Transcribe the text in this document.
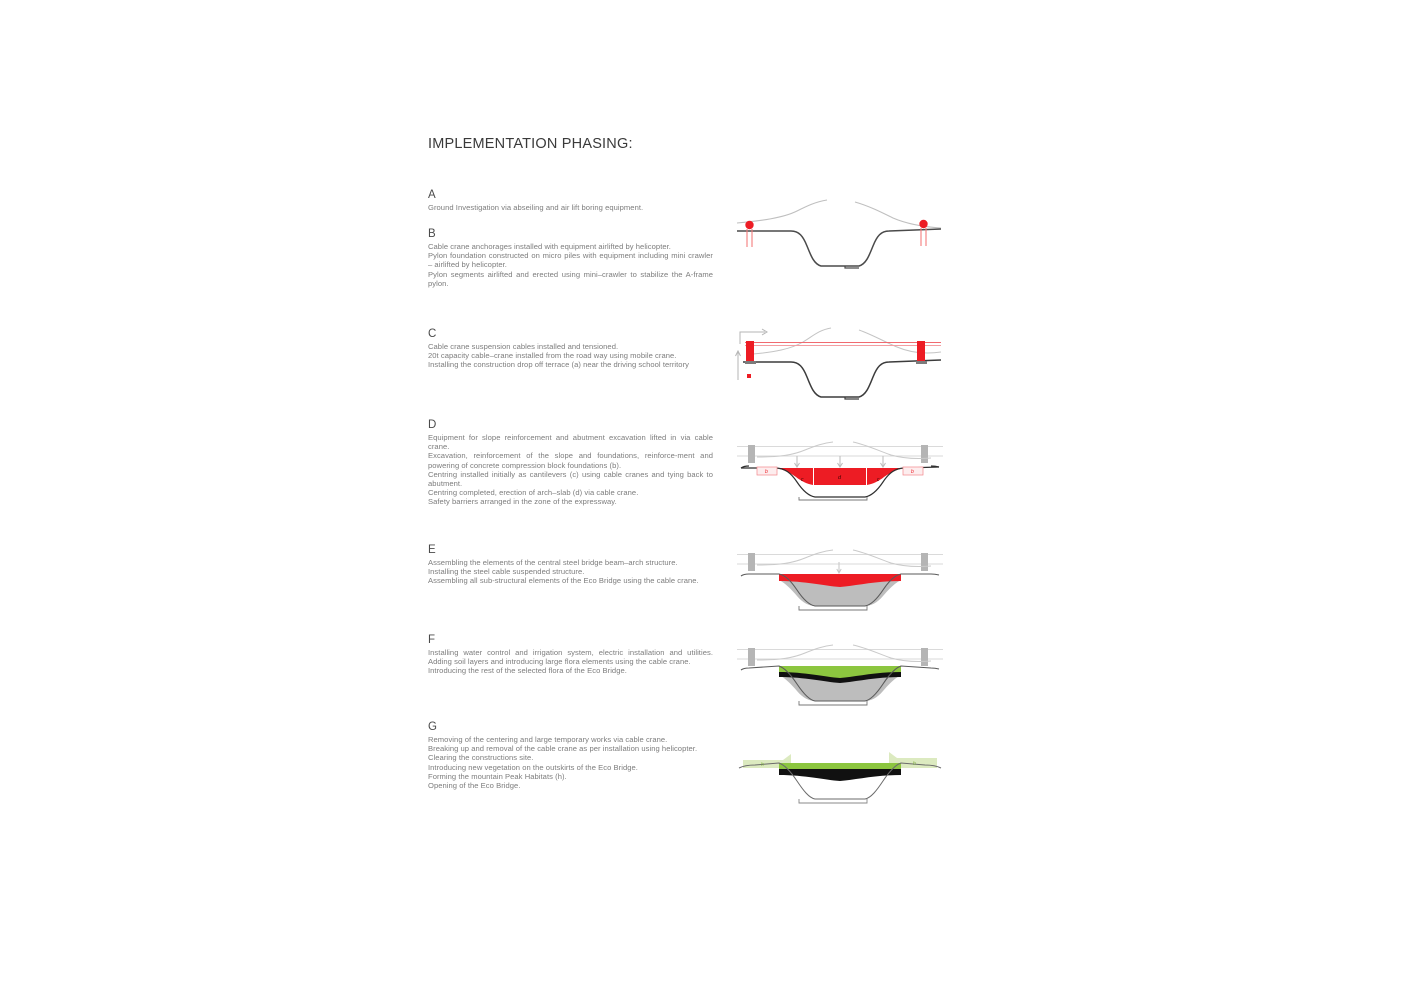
IMPLEMENTATION PHASING:
A

Ground Investigation via abseiling and air lift boring equipment.

B

Cable crane anchorages installed with equipment airlifted by helicopter.

Pylon foundation constructed on micro piles with equipment including mini crawler – airlifted by helicopter.

Pylon segments airlifted and erected using mini–crawler to stabilize the A-frame pylon.

C

Cable crane suspension cables installed and tensioned.

20t capacity cable–crane installed from the road way using mobile crane.

Installing the construction drop off terrace (a) near the driving school territory

D

Equipment for slope reinforcement and abutment excavation lifted in via cable crane.

Excavation, reinforcement of the slope and foundations, reinforce-ment and powering of concrete compression block foundations (b).

Centring installed initially as cantilevers (c) using cable cranes and tying back to abutment.

Centring completed, erection of arch–slab (d) via cable crane.

Safety barriers arranged in the zone of the expressway.

E

Assembling the elements of the central steel bridge beam–arch structure.

Installing the steel cable suspended structure.

Assembling all sub-structural elements of the Eco Bridge using the cable crane.

F

Installing water control and irrigation system, electric installation and utilities. Adding soil layers and introducing large flora elements using the cable crane.

Introducing the rest of the selected flora of the Eco Bridge.

G

Removing of the centering and large temporary works via cable crane.

Breaking up and removal of the cable crane as per installation using helicopter.

Clearing the constructions site.

Introducing new vegetation on the outskirts of the Eco Bridge.

Forming the mountain Peak Habitats (h).

Opening of the Eco Bridge.

a
b
c	d	c
b
h	h
